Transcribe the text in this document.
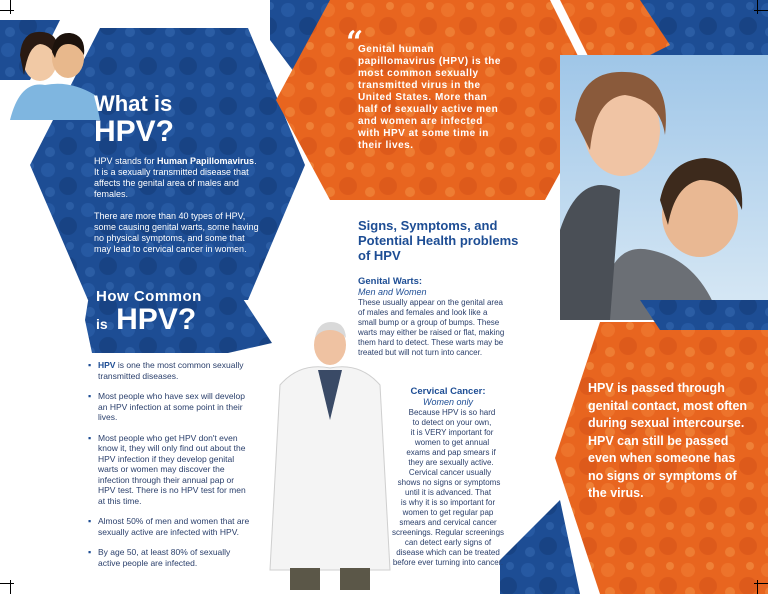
What is

HPV?

HPV stands for Human Papillomavirus. It is a sexually transmitted disease that affects the genital area of males and females.

There are more than 40 types of HPV, some causing genital warts, some having no physical symptoms, and some that may lead to cervical cancer in women.

How Common
is HPV?
▪ HPV is one the most common sexually transmitted diseases.
▪ Most people who have sex will develop an HPV infection at some point in their lives.
▪ Most people who get HPV don't even know it, they will only find out about the HPV infection if they develop genital warts or women may discover the infection through their annual pap or HPV test. There is no HPV test for men at this time.
▪ Almost 50% of men and women that are sexually active are infected with HPV.
▪ By age 50, at least 80% of sexually active people are infected.
“
Genital human papillomavirus (HPV) is the most common sexually transmitted virus in the United States. More than half of sexually active men and women are infected with HPV at some time in their lives.
Signs, Symptoms, and Potential Health problems of HPV
Genital Warts:
Men and Women
These usually appear on the genital area of males and females and look like a small bump or a group of bumps. These warts may either be raised or flat, making them hard to detect. These warts may be treated but will not turn into cancer.
Cervical Cancer:
Women only
Because HPV is so hard
to detect on your own,
it is VERY important for
women to get annual
exams and pap smears if
they are sexually active.
Cervical cancer usually
shows no signs or symptoms
until it is advanced. That
is why it is so important for
women to get regular pap
smears and cervical cancer
screenings. Regular screenings
can detect early signs of
disease which can be treated
before ever turning into cancer.
HPV is passed through genital contact, most often during sexual intercourse. HPV can still be passed even when someone has no signs or symptoms of the virus.
